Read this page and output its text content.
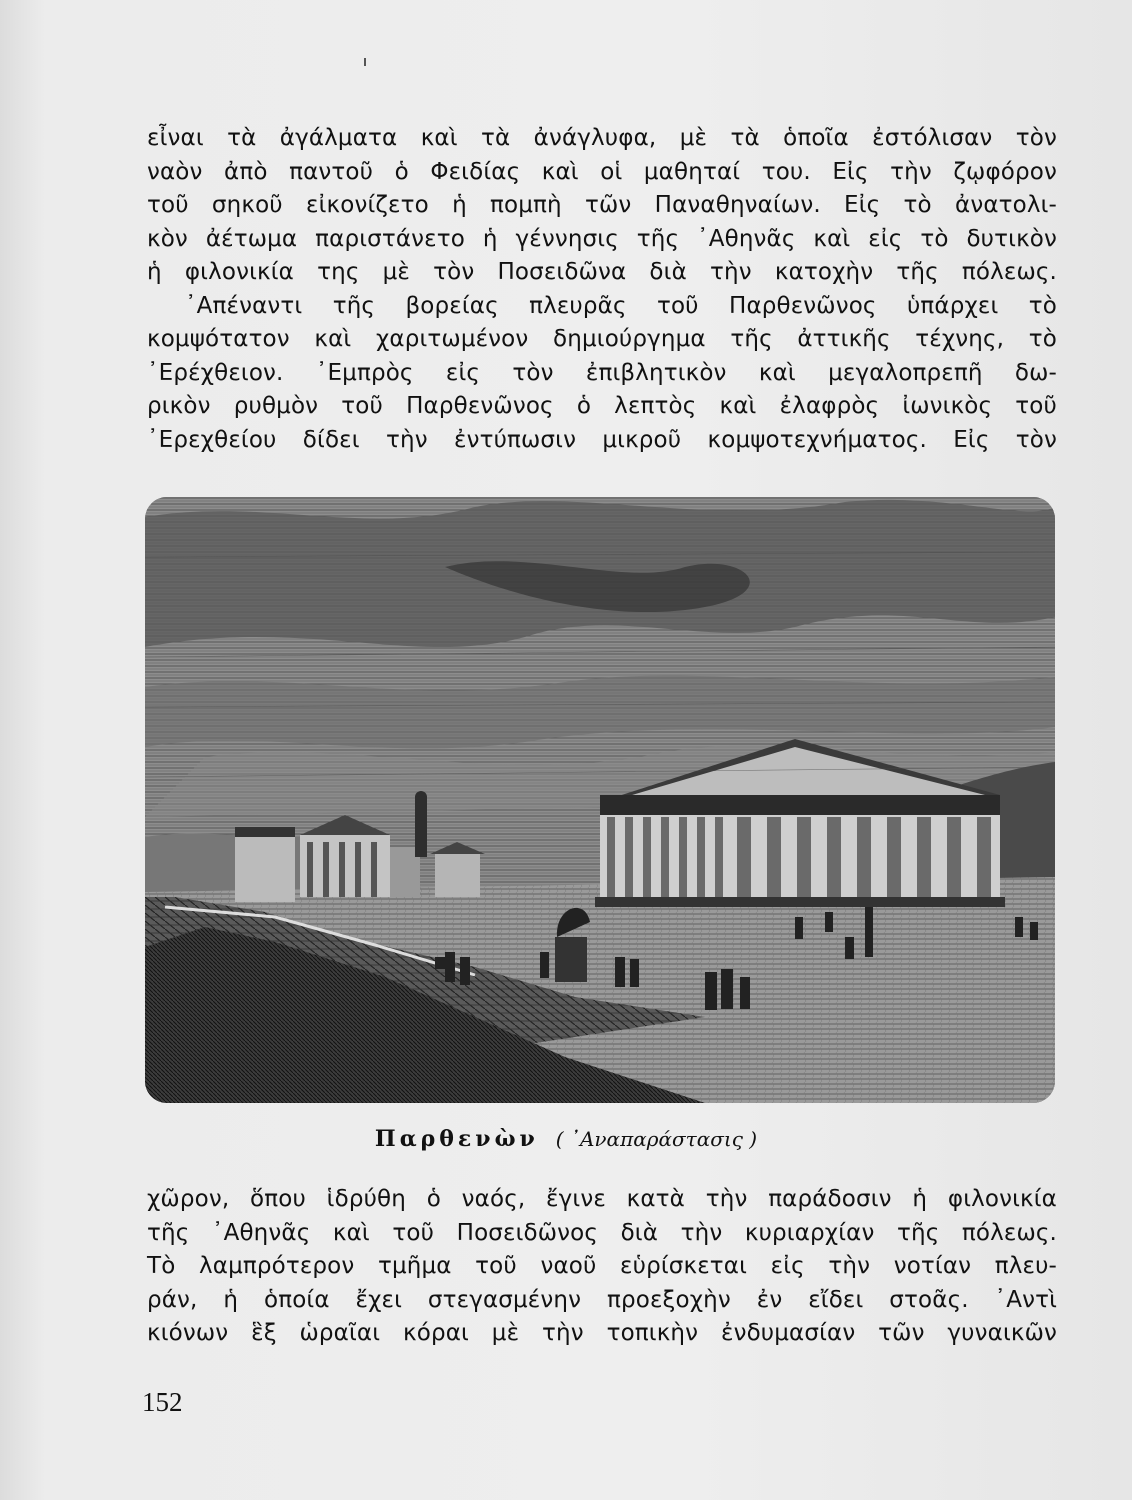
εἶναι τὰ ἀγάλματα καὶ τὰ ἀνάγλυφα, μὲ τὰ ὁποῖα ἐστόλισαν τὸν
ναὸν ἀπὸ παντοῦ ὁ Φειδίας καὶ οἱ μαθηταί του. Εἰς τὴν ζῳφόρον
τοῦ σηκοῦ εἰκονίζετο ἡ πομπὴ τῶν Παναθηναίων. Εἰς τὸ ἀνατολι-
κὸν ἀέτωμα παριστάνετο ἡ γέννησις τῆς ᾿Αθηνᾶς καὶ εἰς τὸ δυτικὸν
ἡ φιλονικία της μὲ τὸν Ποσειδῶνα διὰ τὴν κατοχὴν τῆς πόλεως.
᾿Απέναντι τῆς βορείας πλευρᾶς τοῦ Παρθενῶνος ὑπάρχει τὸ
κομψότατον καὶ χαριτωμένον δημιούργημα τῆς ἀττικῆς τέχνης, τὸ
᾿Ερέχθειον. ᾿Εμπρὸς εἰς τὸν ἐπιβλητικὸν καὶ μεγαλοπρεπῆ δω-
ρικὸν ρυθμὸν τοῦ Παρθενῶνος ὁ λεπτὸς καὶ ἐλαφρὸς ἰωνικὸς τοῦ
᾿Ερεχθείου δίδει τὴν ἐντύπωσιν μικροῦ κομψοτεχνήματος. Εἰς τὸν
Παρθενὼν ( ᾿Αναπαράστασις )
χῶρον, ὅπου ἱδρύθη ὁ ναός, ἔγινε κατὰ τὴν παράδοσιν ἡ φιλονικία
τῆς ᾿Αθηνᾶς καὶ τοῦ Ποσειδῶνος διὰ τὴν κυριαρχίαν τῆς πόλεως.
Τὸ λαμπρότερον τμῆμα τοῦ ναοῦ εὑρίσκεται εἰς τὴν νοτίαν πλευ-
ράν, ἡ ὁποία ἔχει στεγασμένην προεξοχὴν ἐν εἴδει στοᾶς. ᾿Αντὶ
κιόνων ἓξ ὡραῖαι κόραι μὲ τὴν τοπικὴν ἐνδυμασίαν τῶν γυναικῶν
152
